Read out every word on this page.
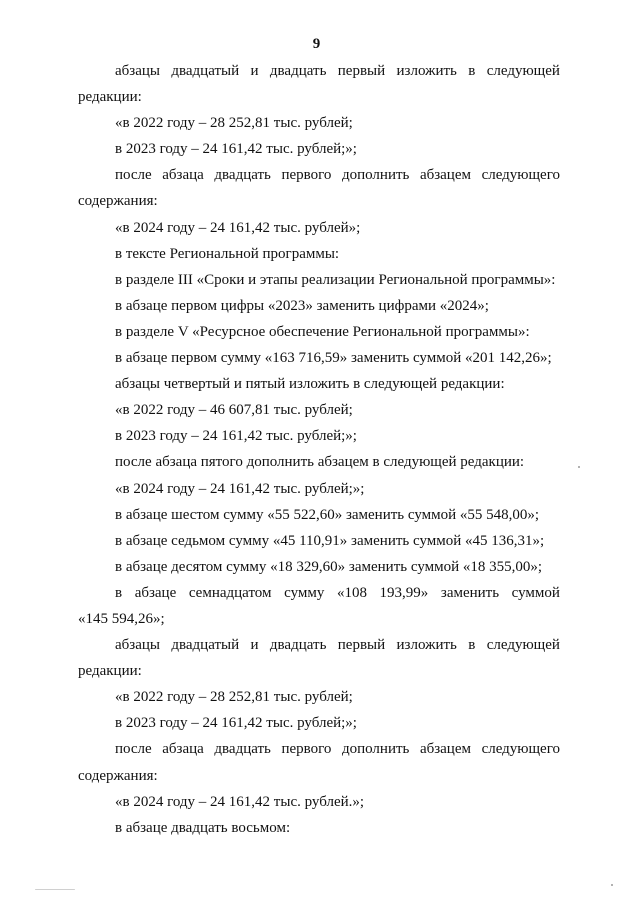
9
абзацы двадцатый и двадцать первый изложить в следующей
редакции:
«в 2022 году – 28 252,81 тыс. рублей;
в 2023 году – 24 161,42 тыс. рублей;»;
после абзаца двадцать первого дополнить абзацем следующего
содержания:
«в 2024 году – 24 161,42 тыс. рублей»;
в тексте Региональной программы:
в разделе III «Сроки и этапы реализации Региональной программы»:
в абзаце первом цифры «2023» заменить цифрами «2024»;
в разделе V «Ресурсное обеспечение Региональной программы»:
в абзаце первом сумму «163 716,59» заменить суммой «201 142,26»;
абзацы четвертый и пятый изложить в следующей редакции:
«в 2022 году – 46 607,81 тыс. рублей;
в 2023 году – 24 161,42 тыс. рублей;»;
после абзаца пятого дополнить абзацем в следующей редакции:
«в 2024 году – 24 161,42 тыс. рублей;»;
в абзаце шестом сумму «55 522,60» заменить суммой «55 548,00»;
в абзаце седьмом сумму «45 110,91» заменить суммой «45 136,31»;
в абзаце десятом сумму «18 329,60» заменить суммой «18 355,00»;
в абзаце семнадцатом сумму «108 193,99» заменить суммой
«145 594,26»;
абзацы двадцатый и двадцать первый изложить в следующей
редакции:
«в 2022 году – 28 252,81 тыс. рублей;
в 2023 году – 24 161,42 тыс. рублей;»;
после абзаца двадцать первого дополнить абзацем следующего
содержания:
«в 2024 году – 24 161,42 тыс. рублей.»;
в абзаце двадцать восьмом:
